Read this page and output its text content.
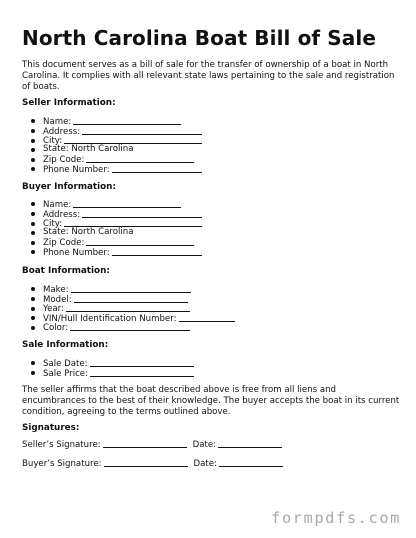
North Carolina Boat Bill of Sale

This document serves as a bill of sale for the transfer of ownership of a boat in North Carolina. It complies with all relevant state laws pertaining to the sale and registration of boats.

Seller Information:

Name:
Address:
City:
State: North Carolina
Zip Code:
Phone Number:

Buyer Information:

Name:
Address:
City:
State: North Carolina
Zip Code:
Phone Number:

Boat Information:

Make:
Model:
Year:
VIN/Hull Identification Number:
Color:

Sale Information:

Sale Date:
Sale Price:

The seller affirms that the boat described above is free from all liens and encumbrances to the best of their knowledge. The buyer accepts the boat in its current condition, agreeing to the terms outlined above.

Signatures:

Seller’s Signature:	Date:

Buyer’s Signature:	Date:

formpdfs.com
